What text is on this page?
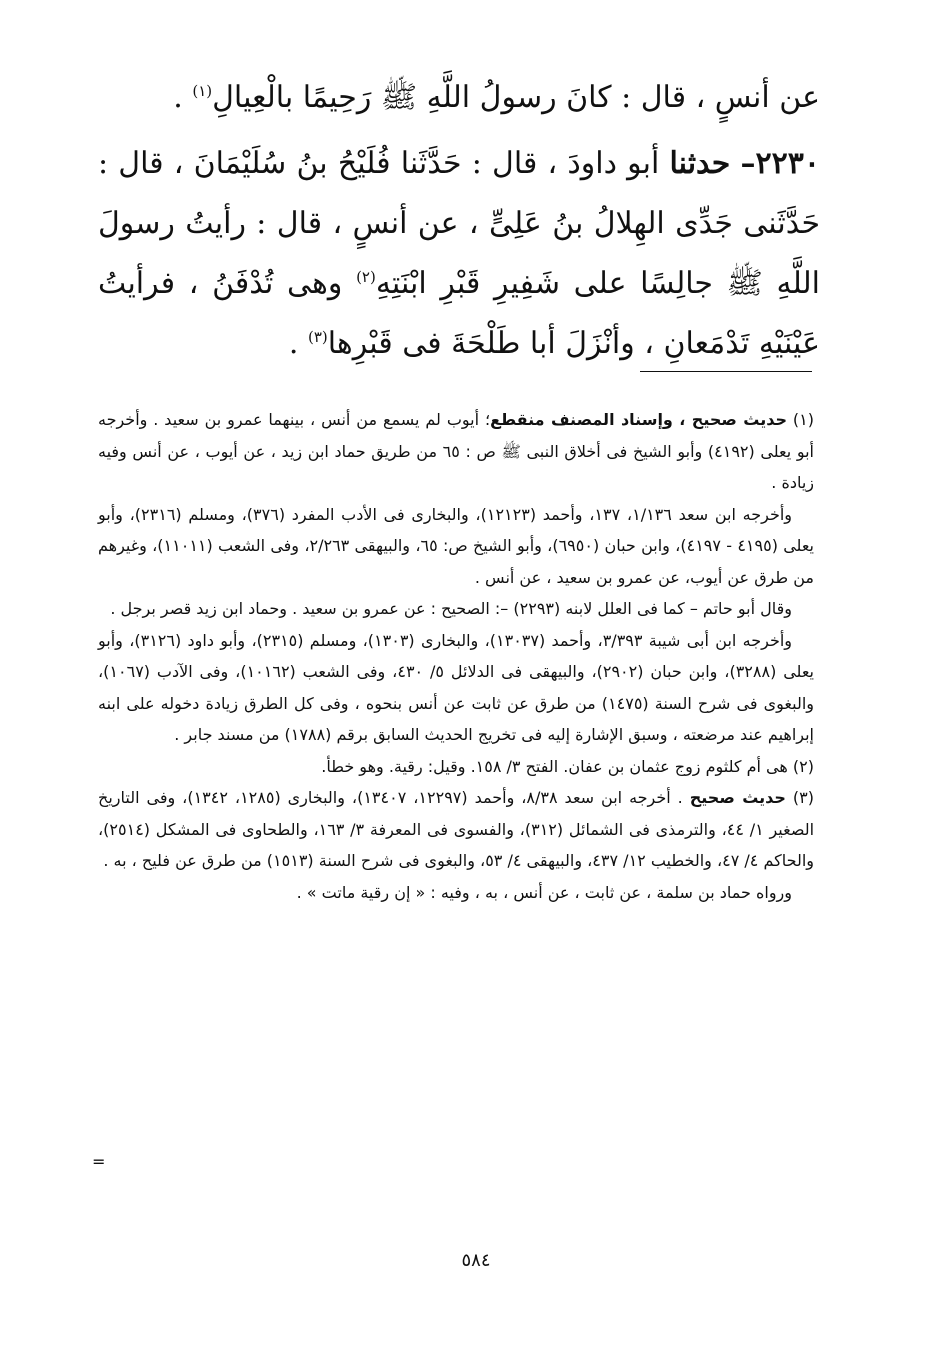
عن أنسٍ ، قال : كانَ رسولُ اللَّهِ ﷺ رَحِيمًا بالْعِيالِ$^{(١)}$ .

٢٢٣٠– حدثنا أبو داودَ ، قال : حَدَّثَنا فُلَيْحُ بنُ سُلَيْمَانَ ، قال : حَدَّثَنى جَدِّى الهِلالُ بنُ عَلِىٍّ ، عن أنسٍ ، قال : رأيتُ رسولَ اللَّهِ ﷺ جالِسًا على شَفِيرِ قَبْرِ ابْنَتِهِ$^{(٢)}$ وهى تُدْفَنُ ، فرأيتُ عَيْنَيْهِ تَدْمَعانِ ، وأنْزَلَ أبا طَلْحَةَ فى قَبْرِها$^{(٣)}$ .

(١) حديث صحيح ، وإسناد المصنف منقطع؛ أيوب لم يسمع من أنس ، بينهما عمرو بن سعيد . وأخرجه أبو يعلى (٤١٩٢) وأبو الشيخ فى أخلاق النبى ﷺ ص : ٦٥ من طريق حماد ابن زيد ، عن أيوب ، عن أنس وفيه زيادة .

وأخرجه ابن سعد ١/١٣٦، ١٣٧، وأحمد (١٢١٢٣)، والبخارى فى الأدب المفرد (٣٧٦)، ومسلم (٢٣١٦)، وأبو يعلى (٤١٩٥ - ٤١٩٧)، وابن حبان (٦٩٥٠)، وأبو الشيخ ص: ٦٥، والبيهقى ٢/٢٦٣، وفى الشعب (١١٠١١)، وغيرهم من طرق عن أيوب، عن عمرو بن سعيد ، عن أنس .

وقال أبو حاتم – كما فى العلل لابنه (٢٢٩٣) –: الصحيح : عن عمرو بن سعيد . وحماد ابن زيد قصر برجل .

وأخرجه ابن أبى شيبة ٣/٣٩٣، وأحمد (١٣٠٣٧)، والبخارى (١٣٠٣)، ومسلم (٢٣١٥)، وأبو داود (٣١٢٦)، وأبو يعلى (٣٢٨٨)، وابن حبان (٢٩٠٢)، والبيهقى فى الدلائل ٥/ ٤٣٠، وفى الشعب (١٠١٦٢)، وفى الآدب (١٠٦٧)، والبغوى فى شرح السنة (١٤٧٥) من طرق عن ثابت عن أنس بنحوه ، وفى كل الطرق زيادة دخوله على ابنه إبراهيم عند مرضعته ، وسبق الإشارة إليه فى تخريج الحديث السابق برقم (١٧٨٨) من مسند جابر .

(٢) هى أم كلثوم زوج عثمان بن عفان. الفتح ٣/ ١٥٨. وقيل: رقية. وهو خطأ.

(٣) حديث صحيح . أخرجه ابن سعد ٨/٣٨، وأحمد (١٢٢٩٧، ١٣٤٠٧)، والبخارى (١٢٨٥، ١٣٤٢)، وفى التاريخ الصغير ١/ ٤٤، والترمذى فى الشمائل (٣١٢)، والفسوى فى المعرفة ٣/ ١٦٣، والطحاوى فى المشكل (٢٥١٤)، والحاكم ٤/ ٤٧، والخطيب ١٢/ ٤٣٧، والبيهقى ٤/ ٥٣، والبغوى فى شرح السنة (١٥١٣) من طرق عن فليح ، به .

ورواه حماد بن سلمة ، عن ثابت ، عن أنس ، به ، وفيه : « إن رقية ماتت » .

=
٥٨٤
